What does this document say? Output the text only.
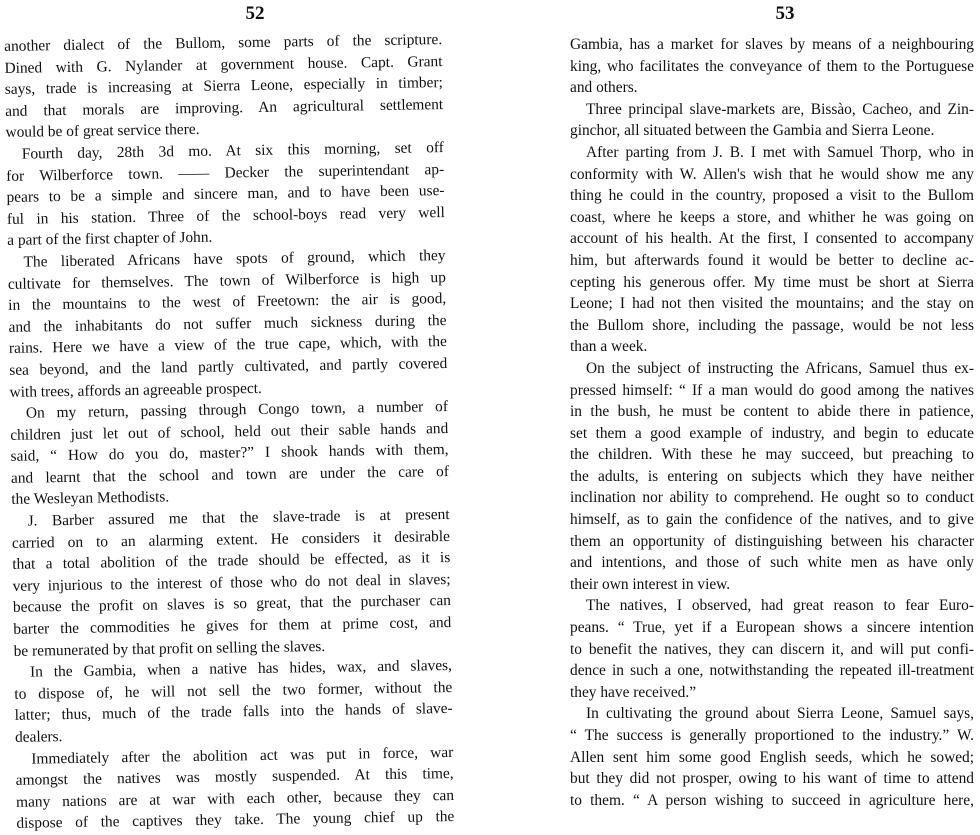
52
another dialect of the Bullom, some parts of the scripture.
Dined with G. Nylander at government house. Capt. Grant
says, trade is increasing at Sierra Leone, especially in timber;
and that morals are improving. An agricultural settlement
would be of great service there.
Fourth day, 28th 3d mo. At six this morning, set off
for Wilberforce town. —— Decker the superintendant ap-
pears to be a simple and sincere man, and to have been use-
ful in his station. Three of the school-boys read very well
a part of the first chapter of John.
The liberated Africans have spots of ground, which they
cultivate for themselves. The town of Wilberforce is high up
in the mountains to the west of Freetown: the air is good,
and the inhabitants do not suffer much sickness during the
rains. Here we have a view of the true cape, which, with the
sea beyond, and the land partly cultivated, and partly covered
with trees, affords an agreeable prospect.
On my return, passing through Congo town, a number of
children just let out of school, held out their sable hands and
said, “ How do you do, master?” I shook hands with them,
and learnt that the school and town are under the care of
the Wesleyan Methodists.
J. Barber assured me that the slave-trade is at present
carried on to an alarming extent. He considers it desirable
that a total abolition of the trade should be effected, as it is
very injurious to the interest of those who do not deal in slaves;
because the profit on slaves is so great, that the purchaser can
barter the commodities he gives for them at prime cost, and
be remunerated by that profit on selling the slaves.
In the Gambia, when a native has hides, wax, and slaves,
to dispose of, he will not sell the two former, without the
latter; thus, much of the trade falls into the hands of slave-
dealers.
Immediately after the abolition act was put in force, war
amongst the natives was mostly suspended. At this time,
many nations are at war with each other, because they can
dispose of the captives they take. The young chief up the
53
Gambia, has a market for slaves by means of a neighbouring
king, who facilitates the conveyance of them to the Portuguese
and others.
Three principal slave-markets are, Bissào, Cacheo, and Zin-
ginchor, all situated between the Gambia and Sierra Leone.
After parting from J. B. I met with Samuel Thorp, who in
conformity with W. Allen's wish that he would show me any
thing he could in the country, proposed a visit to the Bullom
coast, where he keeps a store, and whither he was going on
account of his health. At the first, I consented to accompany
him, but afterwards found it would be better to decline ac-
cepting his generous offer. My time must be short at Sierra
Leone; I had not then visited the mountains; and the stay on
the Bullom shore, including the passage, would be not less
than a week.
On the subject of instructing the Africans, Samuel thus ex-
pressed himself: “ If a man would do good among the natives
in the bush, he must be content to abide there in patience,
set them a good example of industry, and begin to educate
the children. With these he may succeed, but preaching to
the adults, is entering on subjects which they have neither
inclination nor ability to comprehend. He ought so to conduct
himself, as to gain the confidence of the natives, and to give
them an opportunity of distinguishing between his character
and intentions, and those of such white men as have only
their own interest in view.
The natives, I observed, had great reason to fear Euro-
peans. “ True, yet if a European shows a sincere intention
to benefit the natives, they can discern it, and will put confi-
dence in such a one, notwithstanding the repeated ill-treatment
they have received.”
In cultivating the ground about Sierra Leone, Samuel says,
“ The success is generally proportioned to the industry.” W.
Allen sent him some good English seeds, which he sowed;
but they did not prosper, owing to his want of time to attend
to them. “ A person wishing to succeed in agriculture here,
